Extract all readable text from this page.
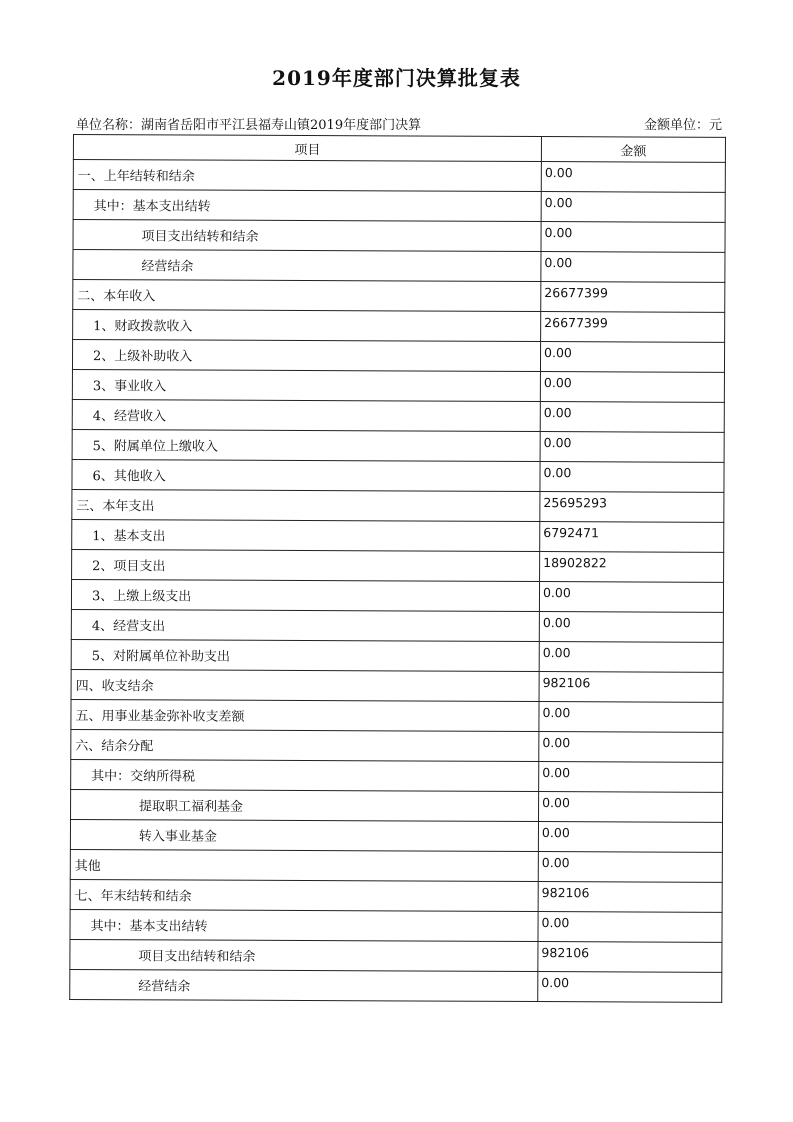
2019年度部门决算批复表
单位名称：湖南省岳阳市平江县福寿山镇2019年度部门决算	金额单位：元
项目	金额
一、上年结转和结余	0.00
其中：基本支出结转	0.00
项目支出结转和结余	0.00
经营结余	0.00
二、本年收入	26677399
1、财政拨款收入	26677399
2、上级补助收入	0.00
3、事业收入	0.00
4、经营收入	0.00
5、附属单位上缴收入	0.00
6、其他收入	0.00
三、本年支出	25695293
1、基本支出	6792471
2、项目支出	18902822
3、上缴上级支出	0.00
4、经营支出	0.00
5、对附属单位补助支出	0.00
四、收支结余	982106
五、用事业基金弥补收支差额	0.00
六、结余分配	0.00
其中：交纳所得税	0.00
提取职工福利基金	0.00
转入事业基金	0.00
其他	0.00
七、年末结转和结余	982106
其中：基本支出结转	0.00
项目支出结转和结余	982106
经营结余	0.00
